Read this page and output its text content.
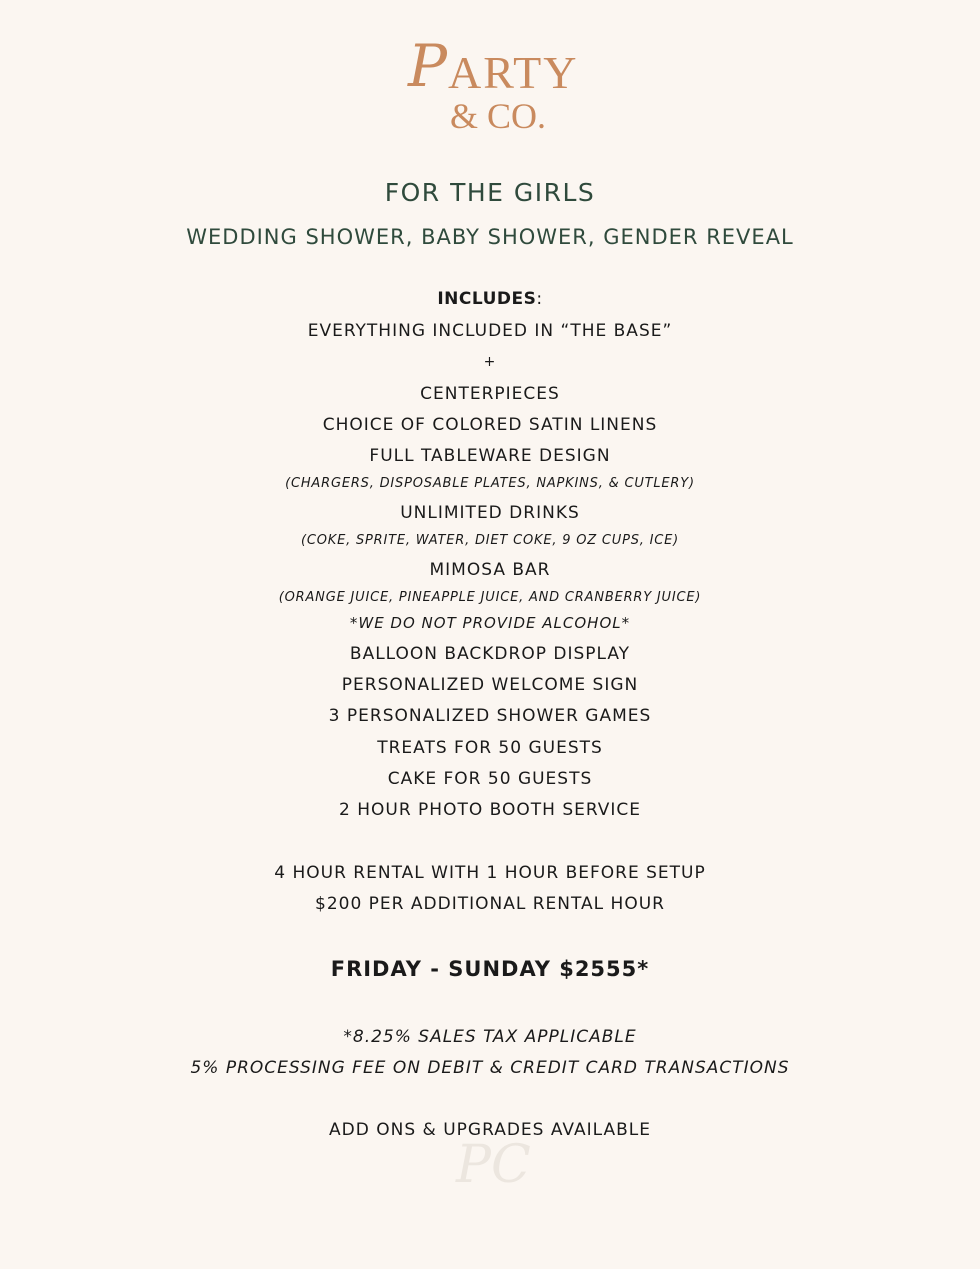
P ARTY
& CO.
FOR THE GIRLS
WEDDING SHOWER, BABY SHOWER, GENDER REVEAL
INCLUDES:
EVERYTHING INCLUDED IN “THE BASE”
+
CENTERPIECES
CHOICE OF COLORED SATIN LINENS
FULL TABLEWARE DESIGN
(CHARGERS, DISPOSABLE PLATES, NAPKINS, & CUTLERY)
UNLIMITED DRINKS
(COKE, SPRITE, WATER, DIET COKE, 9 OZ CUPS, ICE)
MIMOSA BAR
(ORANGE JUICE, PINEAPPLE JUICE, AND CRANBERRY JUICE)
*WE DO NOT PROVIDE ALCOHOL*
BALLOON BACKDROP DISPLAY
PERSONALIZED WELCOME SIGN
3 PERSONALIZED SHOWER GAMES
TREATS FOR 50 GUESTS
CAKE FOR 50 GUESTS
2 HOUR PHOTO BOOTH SERVICE
4 HOUR RENTAL WITH 1 HOUR BEFORE SETUP
$200 PER ADDITIONAL RENTAL HOUR
FRIDAY - SUNDAY $2555*
*8.25% SALES TAX APPLICABLE
5% PROCESSING FEE ON DEBIT & CREDIT CARD TRANSACTIONS
PC
ADD ONS & UPGRADES AVAILABLE
